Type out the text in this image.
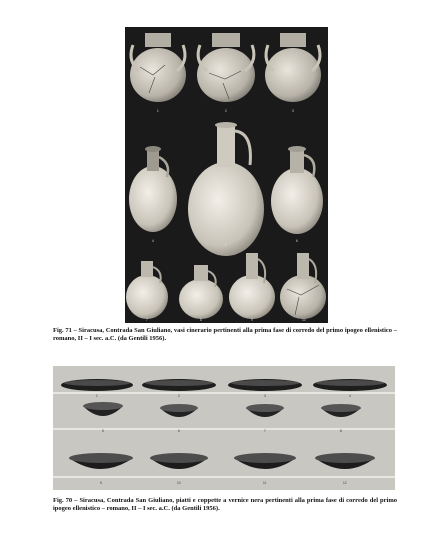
1	2	3
4
5
6
7	8	9	10
Fig. 71 – Siracusa, Contrada San Giuliano, vasi cinerario pertinenti alla prima fase di corredo del primo ipogeo ellenistico – romano, II – I sec. a.C. (da Gentili 1956).
1	2	3	4
5	6	7	8
9	10	11	12
Fig. 70 – Siracusa, Contrada San Giuliano, piatti e coppette a vernice nera pertinenti alla prima fase di corredo del primo ipogeo ellenistico – romano, II – I sec. a.C. (da Gentili 1956).
